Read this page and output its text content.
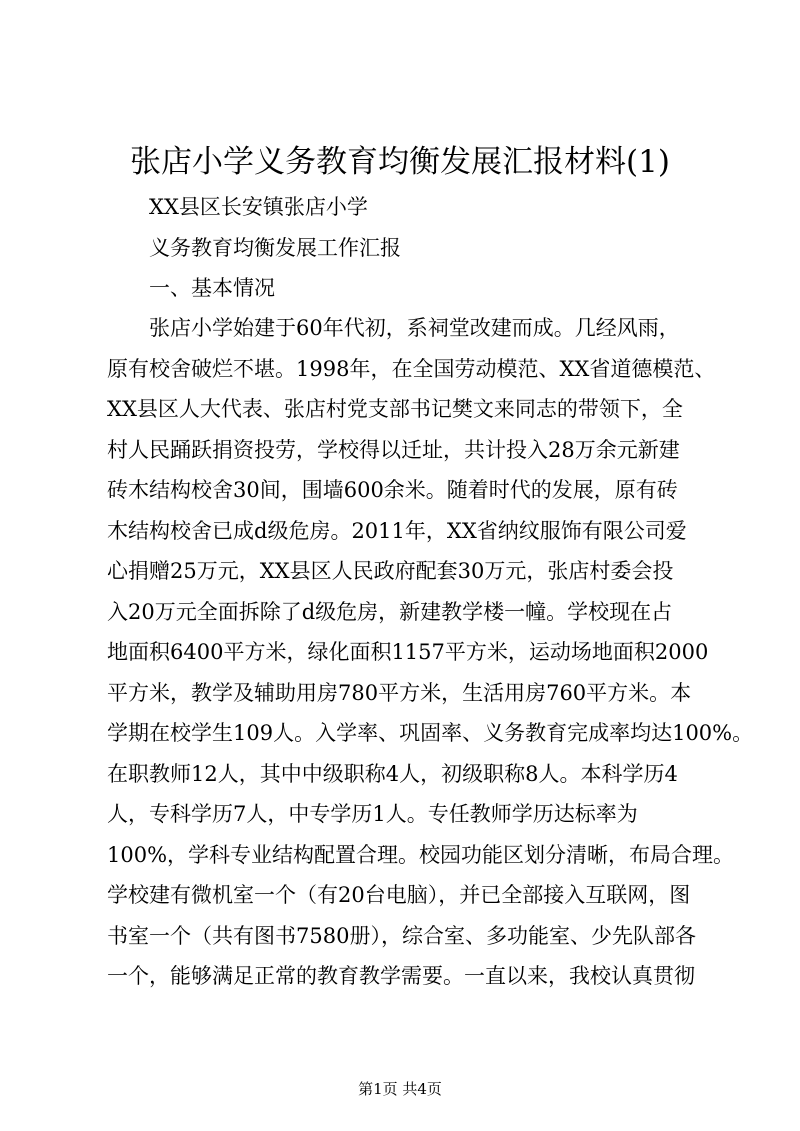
张店小学义务教育均衡发展汇报材料(1)
XX县区长安镇张店小学
义务教育均衡发展工作汇报
一、基本情况
张店小学始建于60年代初，系祠堂改建而成。几经风雨，
原有校舍破烂不堪。1998年，在全国劳动模范、XX省道德模范、
XX县区人大代表、张店村党支部书记樊文来同志的带领下，全
村人民踊跃捐资投劳，学校得以迁址，共计投入28万余元新建
砖木结构校舍30间，围墙600余米。随着时代的发展，原有砖
木结构校舍已成d级危房。2011年，XX省纳纹服饰有限公司爱
心捐赠25万元，XX县区人民政府配套30万元，张店村委会投
入20万元全面拆除了d级危房，新建教学楼一幢。学校现在占
地面积6400平方米，绿化面积1157平方米，运动场地面积2000
平方米，教学及辅助用房780平方米，生活用房760平方米。本
学期在校学生109人。入学率、巩固率、义务教育完成率均达100%。
在职教师12人，其中中级职称4人，初级职称8人。本科学历4
人，专科学历7人，中专学历1人。专任教师学历达标率为
100%，学科专业结构配置合理。校园功能区划分清晰，布局合理。
学校建有微机室一个（有20台电脑），并已全部接入互联网，图
书室一个（共有图书7580册），综合室、多功能室、少先队部各
一个，能够满足正常的教育教学需要。一直以来，我校认真贯彻
第1页 共4页
